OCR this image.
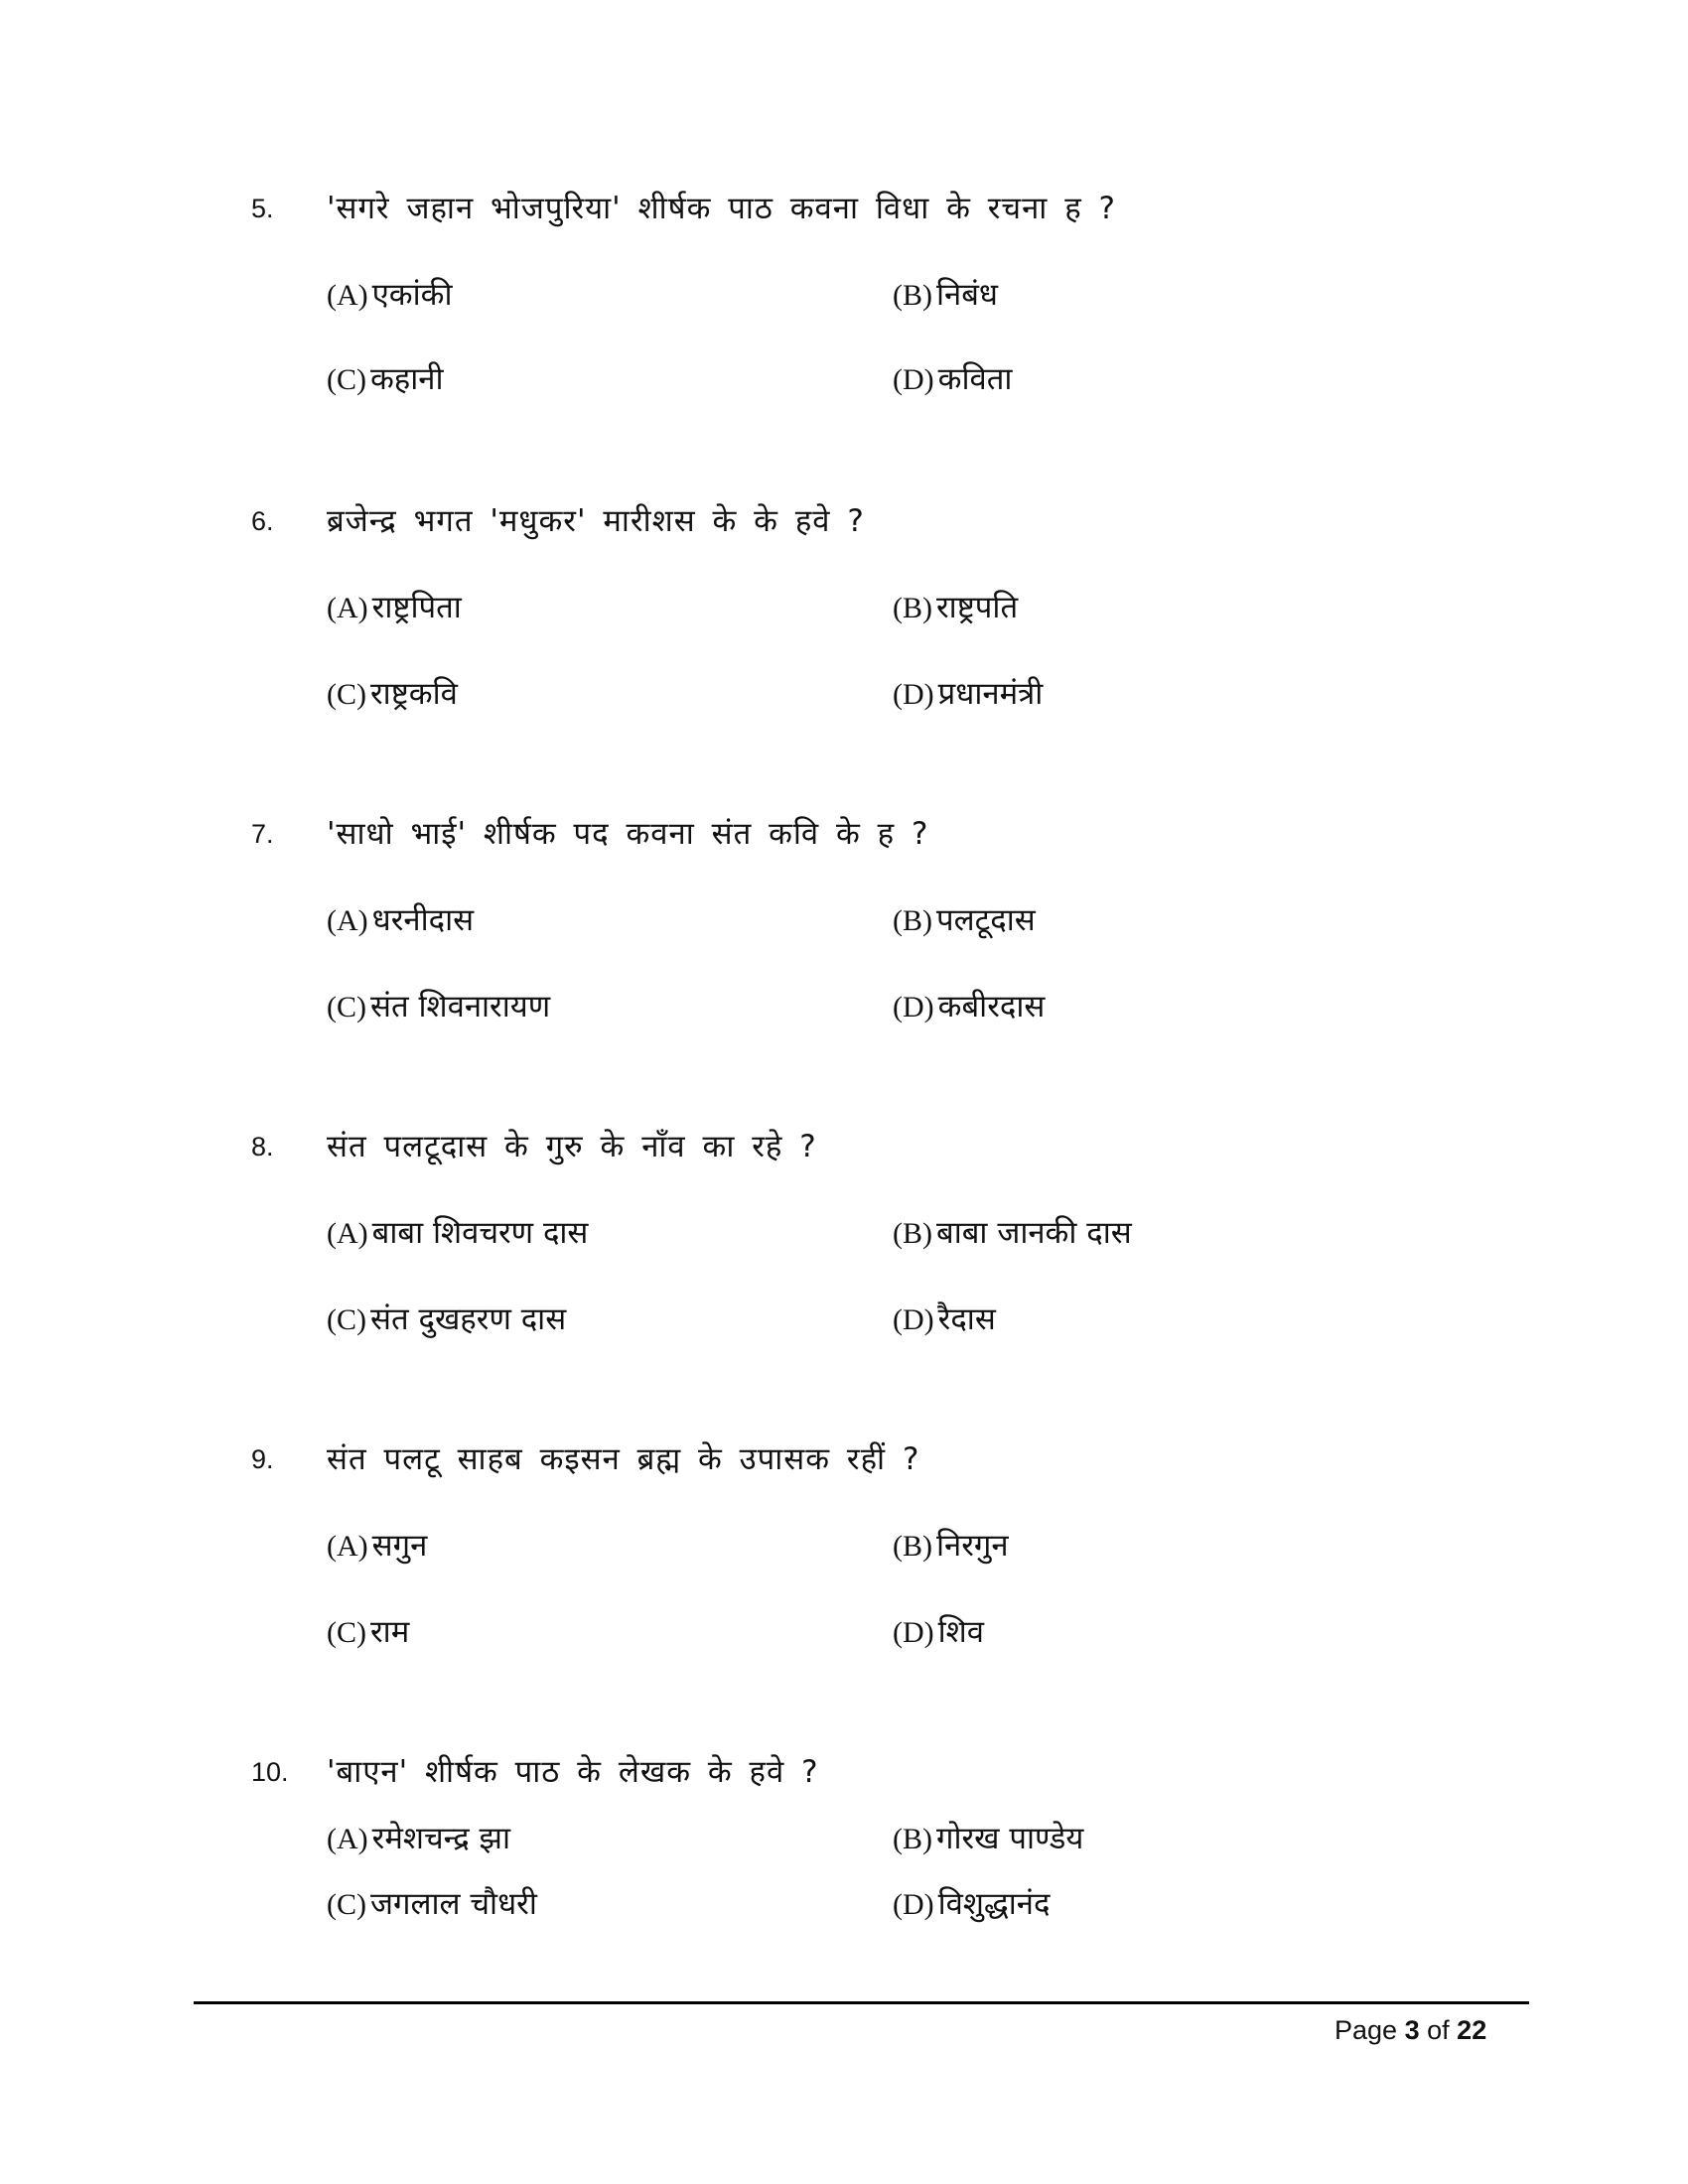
5. 'सगरे जहान भोजपुरिया' शीर्षक पाठ कवना विधा के रचना ह ?
(A) एकांकी	(B) निबंध
(C) कहानी	(D) कविता
6. ब्रजेन्द्र भगत 'मधुकर' मारीशस के के हवे ?
(A) राष्ट्रपिता	(B) राष्ट्रपति
(C) राष्ट्रकवि	(D) प्रधानमंत्री
7. 'साधो भाई' शीर्षक पद कवना संत कवि के ह ?
(A) धरनीदास	(B) पलटूदास
(C) संत शिवनारायण	(D) कबीरदास
8. संत पलटूदास के गुरु के नाँव का रहे ?
(A) बाबा शिवचरण दास	(B) बाबा जानकी दास
(C) संत दुखहरण दास	(D) रैदास
9. संत पलटू साहब कइसन ब्रह्म के उपासक रहीं ?
(A) सगुन	(B) निरगुन
(C) राम	(D) शिव
10. 'बाएन' शीर्षक पाठ के लेखक के हवे ?
(A) रमेशचन्द्र झा	(B) गोरख पाण्डेय
(C) जगलाल चौधरी	(D) विशुद्धानंद
Page 3 of 22
